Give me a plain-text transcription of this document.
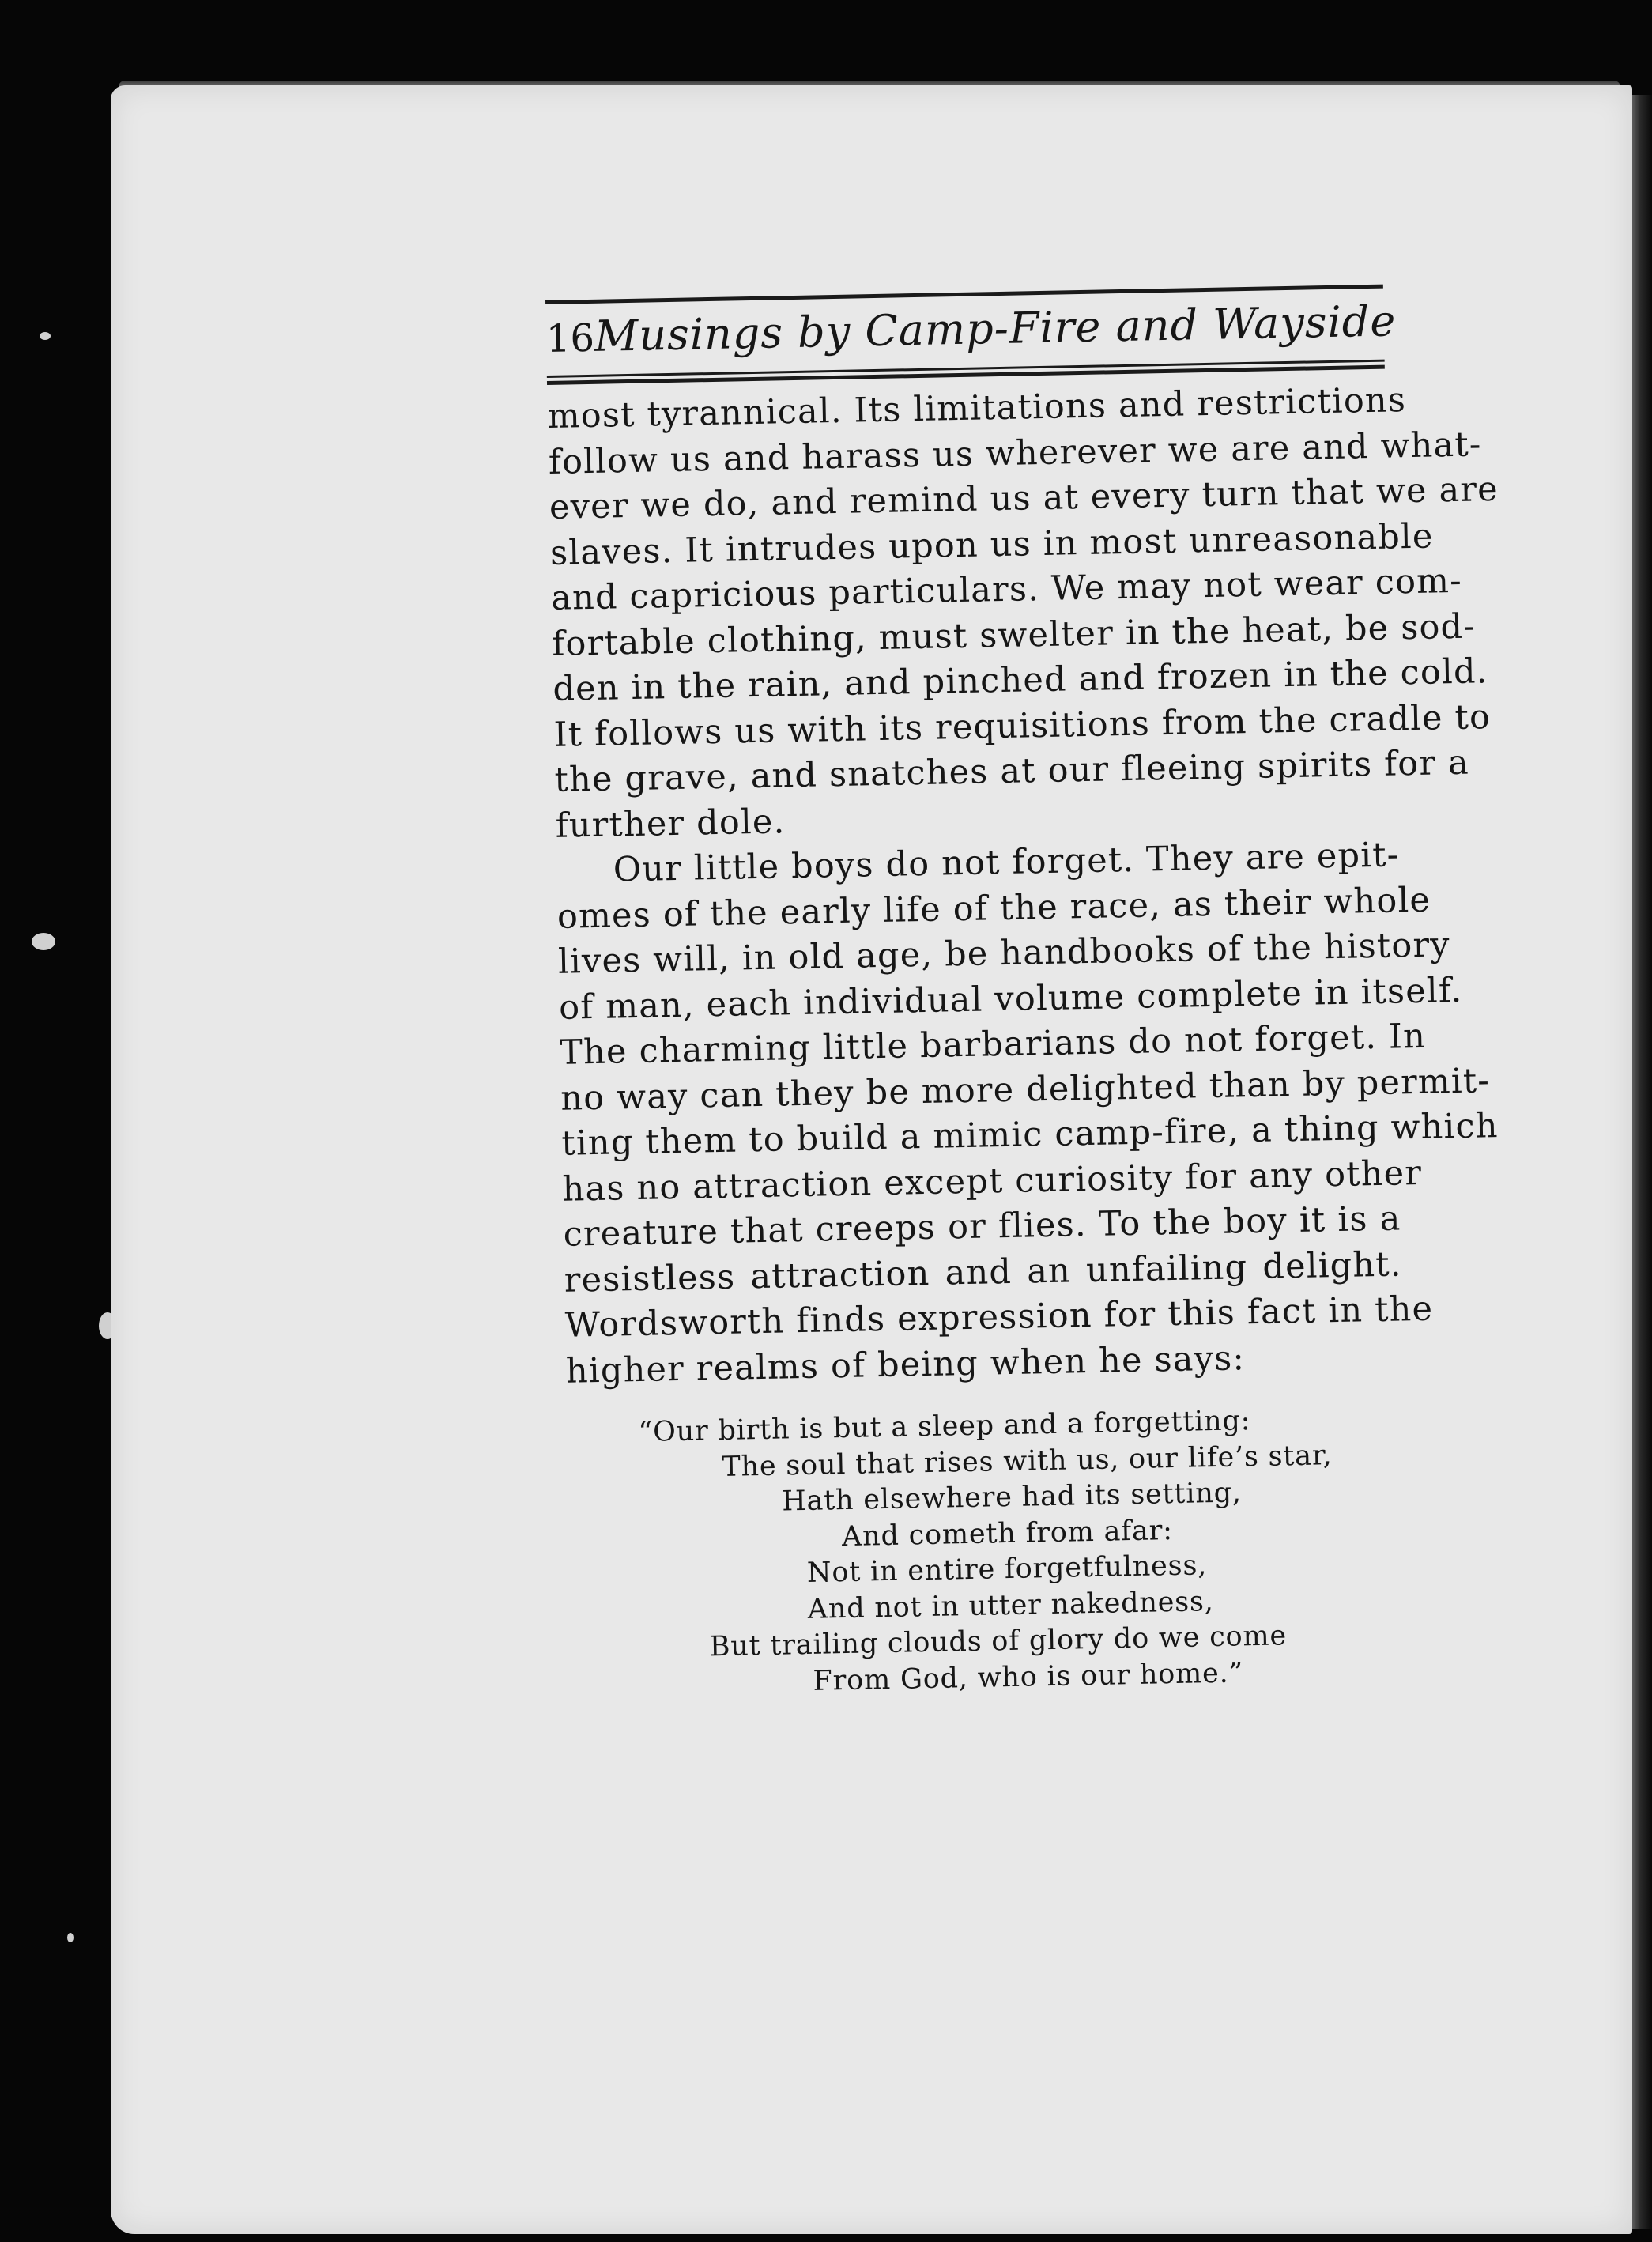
16
Musings by Camp-Fire and Wayside
most tyrannical. Its limitations and restrictions
follow us and harass us wherever we are and what-
ever we do, and remind us at every turn that we are
slaves. It intrudes upon us in most unreasonable
and capricious particulars. We may not wear com-
fortable clothing, must swelter in the heat, be sod-
den in the rain, and pinched and frozen in the cold.
It follows us with its requisitions from the cradle to
the grave, and snatches at our fleeing spirits for a
further dole.
Our little boys do not forget. They are epit-
omes of the early life of the race, as their whole
lives will, in old age, be handbooks of the history
of man, each individual volume complete in itself.
The charming little barbarians do not forget. In
no way can they be more delighted than by permit-
ting them to build a mimic camp-fire, a thing which
has no attraction except curiosity for any other
creature that creeps or flies. To the boy it is a
resistless attraction and an unfailing delight.
Wordsworth finds expression for this fact in the
higher realms of being when he says:
“Our birth is but a sleep and a forgetting:
The soul that rises with us, our life’s star,
Hath elsewhere had its setting,
And cometh from afar:
Not in entire forgetfulness,
And not in utter nakedness,
But trailing clouds of glory do we come
From God, who is our home.”
